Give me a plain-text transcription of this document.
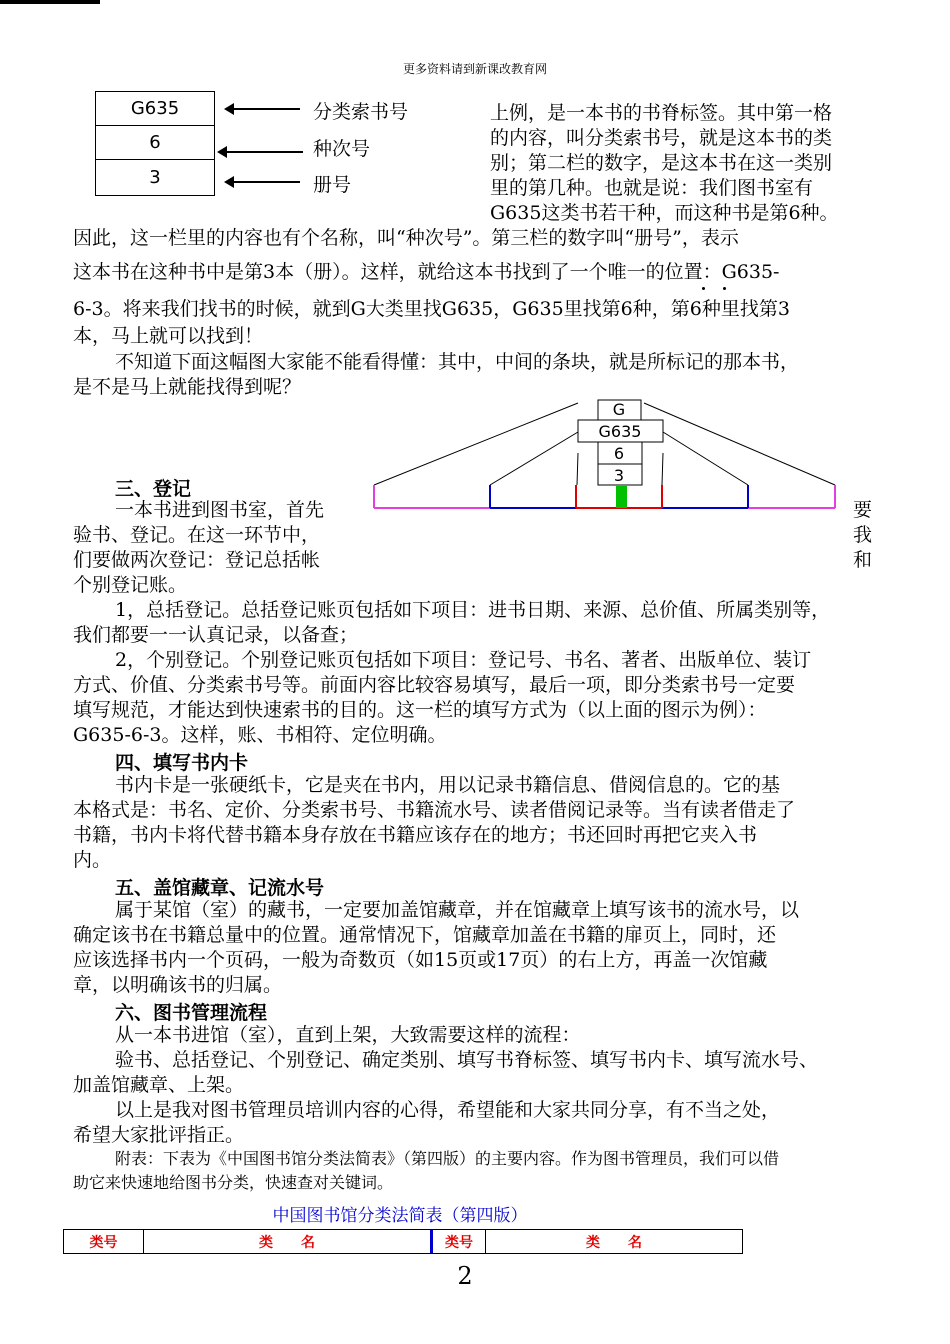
更多资料请到新课改教育网
G635
6
3
分类索书号
种次号
册号
上例，是一本书的书脊标签。其中第一格
的内容，叫分类索书号，就是这本书的类
别；第二栏的数字，是这本书在这一类别
里的第几种。也就是说：我们图书室有
G635这类书若干种，而这种书是第6种。
因此，这一栏里的内容也有个名称，叫“种次号”。第三栏的数字叫“册号”，表示
这本书在这种书中是第3本（册）。这样，就给这本书找到了一个唯一的位置：G635-
6-3。将来我们找书的时候，就到G大类里找G635，G635里找第6种，第6种里找第3
本，马上就可以找到！
不知道下面这幅图大家能不能看得懂：其中，中间的条块，就是所标记的那本书，
是不是马上就能找得到呢？
G
G635
6
3
三、登记
一本书进到图书室，首先
验书、登记。在这一环节中，
们要做两次登记：登记总括帐
个别登记账。
要
我
和
1，总括登记。总括登记账页包括如下项目：进书日期、来源、总价值、所属类别等，
我们都要一一认真记录，以备查；
2，个别登记。个别登记账页包括如下项目：登记号、书名、著者、出版单位、装订
方式、价值、分类索书号等。前面内容比较容易填写，最后一项，即分类索书号一定要
填写规范，才能达到快速索书的目的。这一栏的填写方式为（以上面的图示为例）：
G635-6-3。这样，账、书相符、定位明确。
四、填写书内卡
书内卡是一张硬纸卡，它是夹在书内，用以记录书籍信息、借阅信息的。它的基
本格式是：书名、定价、分类索书号、书籍流水号、读者借阅记录等。当有读者借走了
书籍，书内卡将代替书籍本身存放在书籍应该存在的地方；书还回时再把它夹入书
内。
五、盖馆藏章、记流水号
属于某馆（室）的藏书，一定要加盖馆藏章，并在馆藏章上填写该书的流水号，以
确定该书在书籍总量中的位置。通常情况下，馆藏章加盖在书籍的扉页上，同时，还
应该选择书内一个页码，一般为奇数页（如15页或17页）的右上方，再盖一次馆藏
章，以明确该书的归属。
六、图书管理流程
从一本书进馆（室），直到上架，大致需要这样的流程：
验书、总括登记、个别登记、确定类别、填写书脊标签、填写书内卡、填写流水号、
加盖馆藏章、上架。
以上是我对图书管理员培训内容的心得，希望能和大家共同分享，有不当之处，
希望大家批评指正。
附表：下表为《中国图书馆分类法简表》（第四版）的主要内容。作为图书管理员，我们可以借
助它来快速地给图书分类，快速查对关键词。
中国图书馆分类法简表（第四版）
类号	类　　名	类号	类　　名
2
